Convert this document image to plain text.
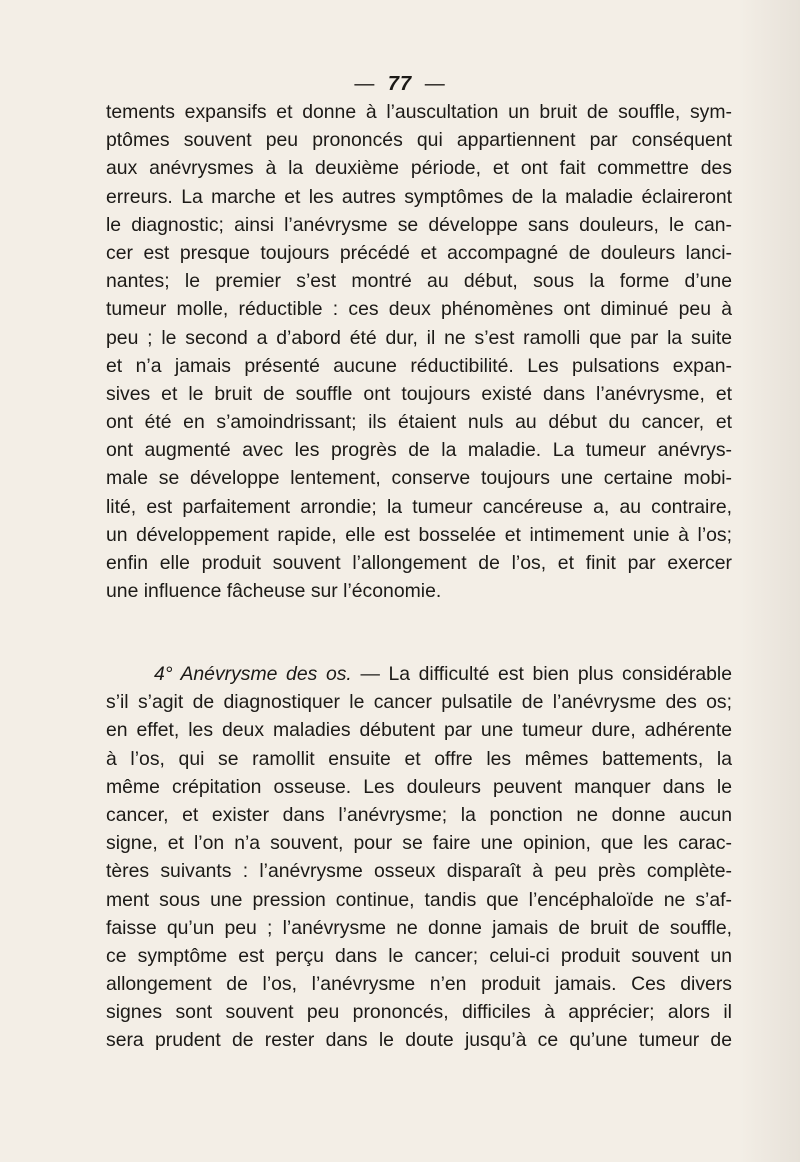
— 77 —
tements expansifs et donne à l’auscultation un bruit de souffle, sym-
ptômes souvent peu prononcés qui appartiennent par conséquent
aux anévrysmes à la deuxième période, et ont fait commettre des
erreurs. La marche et les autres symptômes de la maladie éclaireront
le diagnostic; ainsi l’anévrysme se développe sans douleurs, le can-
cer est presque toujours précédé et accompagné de douleurs lanci-
nantes; le premier s’est montré au début, sous la forme d’une
tumeur molle, réductible : ces deux phénomènes ont diminué peu à
peu ; le second a d’abord été dur, il ne s’est ramolli que par la suite
et n’a jamais présenté aucune réductibilité. Les pulsations expan-
sives et le bruit de souffle ont toujours existé dans l’anévrysme, et
ont été en s’amoindrissant; ils étaient nuls au début du cancer, et
ont augmenté avec les progrès de la maladie. La tumeur anévrys-
male se développe lentement, conserve toujours une certaine mobi-
lité, est parfaitement arrondie; la tumeur cancéreuse a, au contraire,
un développement rapide, elle est bosselée et intimement unie à l’os;
enfin elle produit souvent l’allongement de l’os, et finit par exercer
une influence fâcheuse sur l’économie.
4° Anévrysme des os. — La difficulté est bien plus considérable
s’il s’agit de diagnostiquer le cancer pulsatile de l’anévrysme des os;
en effet, les deux maladies débutent par une tumeur dure, adhérente
à l’os, qui se ramollit ensuite et offre les mêmes battements, la
même crépitation osseuse. Les douleurs peuvent manquer dans le
cancer, et exister dans l’anévrysme; la ponction ne donne aucun
signe, et l’on n’a souvent, pour se faire une opinion, que les carac-
tères suivants : l’anévrysme osseux disparaît à peu près complète-
ment sous une pression continue, tandis que l’encéphaloïde ne s’af-
faisse qu’un peu ; l’anévrysme ne donne jamais de bruit de souffle,
ce symptôme est perçu dans le cancer; celui-ci produit souvent un
allongement de l’os, l’anévrysme n’en produit jamais. Ces divers
signes sont souvent peu prononcés, difficiles à apprécier; alors il
sera prudent de rester dans le doute jusqu’à ce qu’une tumeur de
